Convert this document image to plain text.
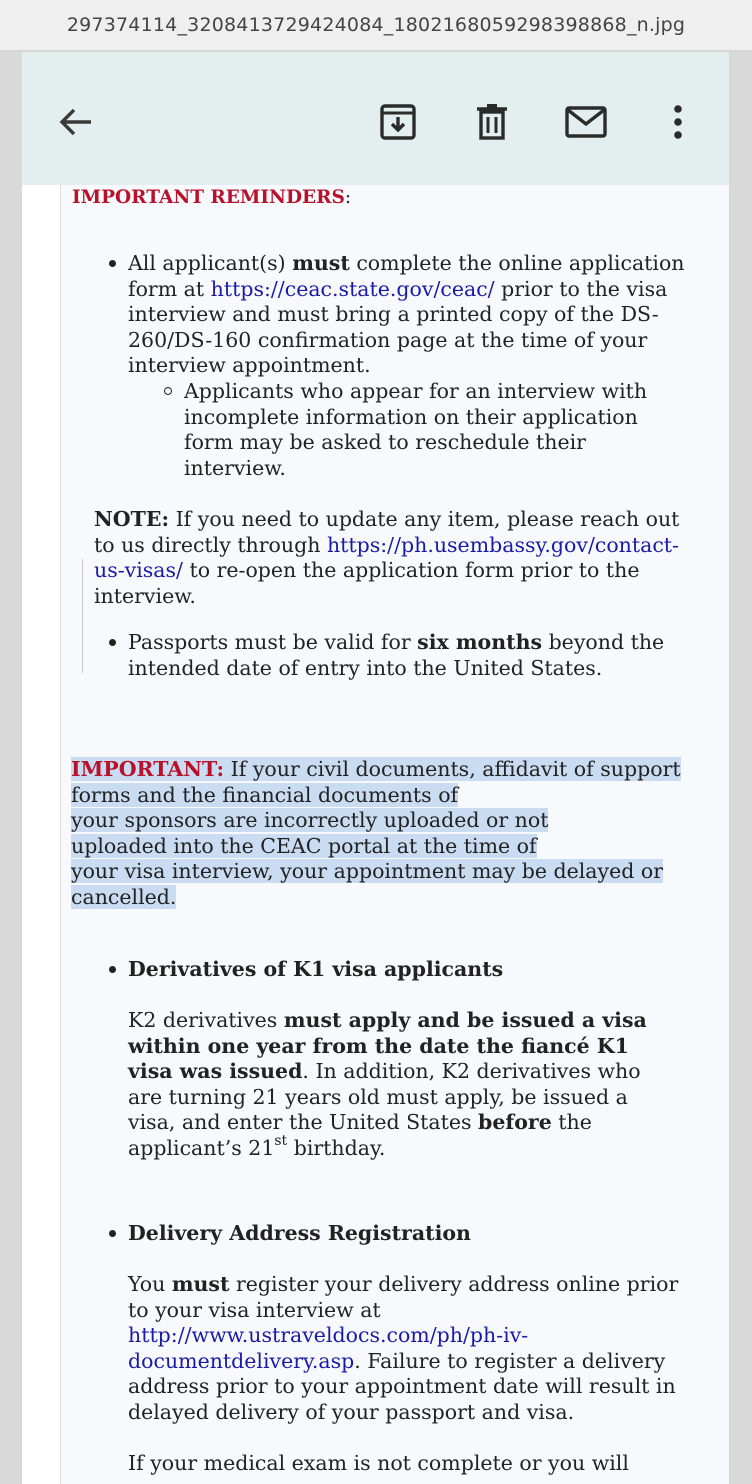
297374114_3208413729424084_1802168059298398868_n.jpg

IMPORTANT REMINDERS:

All applicant(s) must complete the online application form at https://ceac.state.gov/ceac/ prior to the visa interview and must bring a printed copy of the DS-260/DS-160 confirmation page at the time of your interview appointment.

Applicants who appear for an interview with incomplete information on their application form may be asked to reschedule their interview.

NOTE: If you need to update any item, please reach out to us directly through https://ph.usembassy.gov/contact-us-visas/ to re-open the application form prior to the interview.

Passports must be valid for six months beyond the intended date of entry into the United States.

IMPORTANT: If your civil documents, affidavit of support
forms and the financial documents of
your sponsors are incorrectly uploaded or not
uploaded into the CEAC portal at the time of
your visa interview, your appointment may be delayed or
cancelled.

Derivatives of K1 visa applicants

K2 derivatives must apply and be issued a visa within one year from the date the fiancé K1 visa was issued. In addition, K2 derivatives who are turning 21 years old must apply, be issued a visa, and enter the United States before the applicant’s 21st birthday.

Delivery Address Registration

You must register your delivery address online prior to your visa interview at http://www.ustraveldocs.com/ph/ph-iv-documentdelivery.asp. Failure to register a delivery address prior to your appointment date will result in delayed delivery of your passport and visa.

If your medical exam is not complete or you will
